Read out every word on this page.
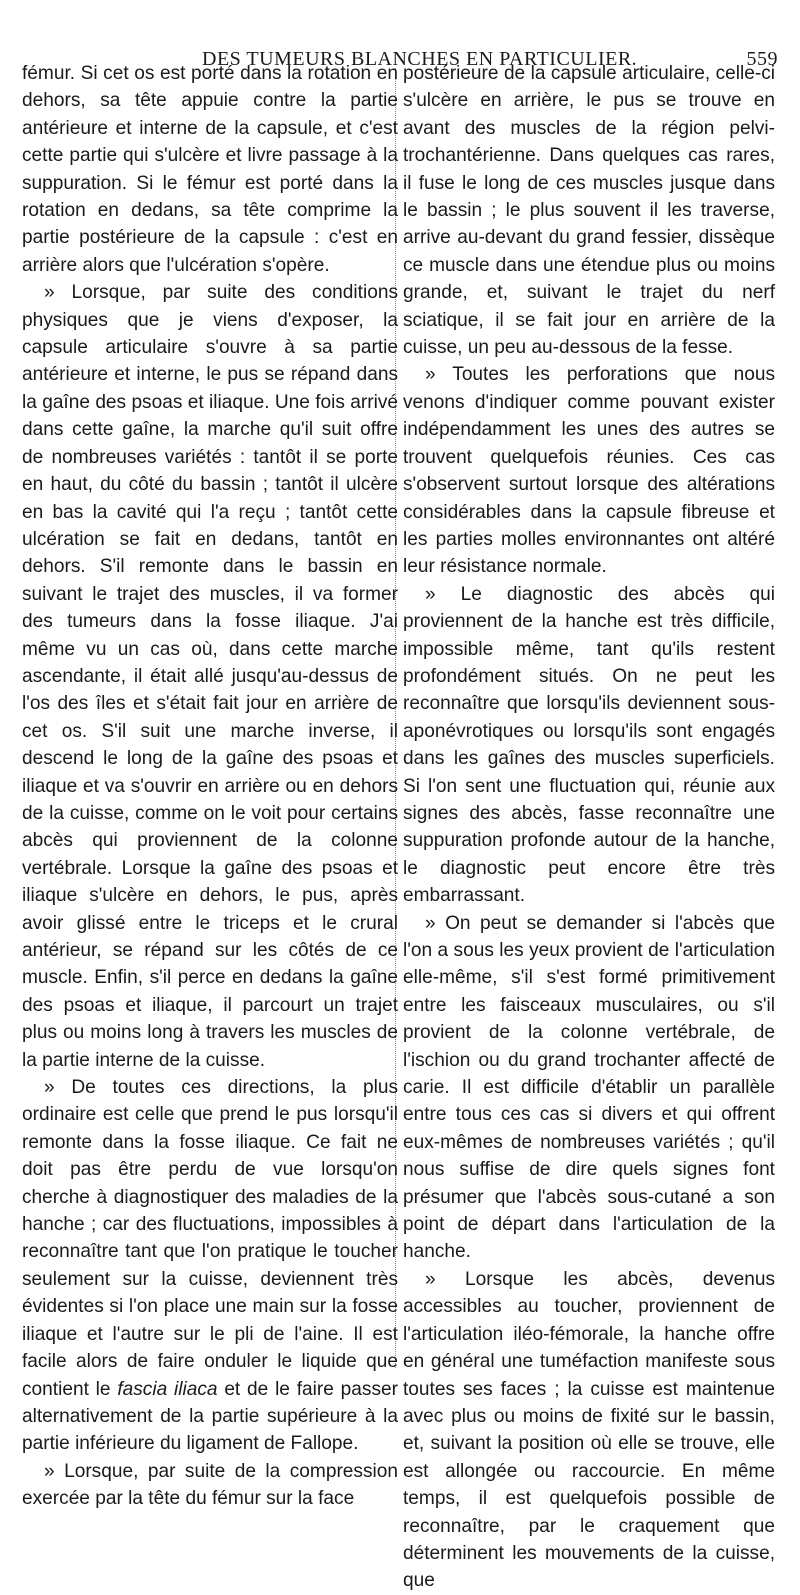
DES TUMEURS BLANCHES EN PARTICULIER.	559

fémur. Si cet os est porté dans la rotation en dehors, sa tête appuie contre la partie antérieure et interne de la capsule, et c'est cette partie qui s'ulcère et livre passage à la suppuration. Si le fémur est porté dans la rotation en dedans, sa tête comprime la partie postérieure de la capsule : c'est en arrière alors que l'ulcération s'opère.

» Lorsque, par suite des conditions physiques que je viens d'exposer, la capsule articulaire s'ouvre à sa partie antérieure et interne, le pus se répand dans la gaîne des psoas et iliaque. Une fois arrivé dans cette gaîne, la marche qu'il suit offre de nombreuses variétés : tantôt il se porte en haut, du côté du bassin ; tantôt il ulcère en bas la cavité qui l'a reçu ; tantôt cette ulcération se fait en dedans, tantôt en dehors. S'il remonte dans le bassin en suivant le trajet des muscles, il va former des tumeurs dans la fosse iliaque. J'ai même vu un cas où, dans cette marche ascendante, il était allé jusqu'au-dessus de l'os des îles et s'était fait jour en arrière de cet os. S'il suit une marche inverse, il descend le long de la gaîne des psoas et iliaque et va s'ouvrir en arrière ou en dehors de la cuisse, comme on le voit pour certains abcès qui proviennent de la colonne vertébrale. Lorsque la gaîne des psoas et iliaque s'ulcère en dehors, le pus, après avoir glissé entre le triceps et le crural antérieur, se répand sur les côtés de ce muscle. Enfin, s'il perce en dedans la gaîne des psoas et iliaque, il parcourt un trajet plus ou moins long à travers les muscles de la partie interne de la cuisse.

» De toutes ces directions, la plus ordinaire est celle que prend le pus lorsqu'il remonte dans la fosse iliaque. Ce fait ne doit pas être perdu de vue lorsqu'on cherche à diagnostiquer des maladies de la hanche ; car des fluctuations, impossibles à reconnaître tant que l'on pratique le toucher seulement sur la cuisse, deviennent très évidentes si l'on place une main sur la fosse iliaque et l'autre sur le pli de l'aine. Il est facile alors de faire onduler le liquide que contient le fascia iliaca et de le faire passer alternativement de la partie supérieure à la partie inférieure du ligament de Fallope.

» Lorsque, par suite de la compression exercée par la tête du fémur sur la face

postérieure de la capsule articulaire, celle-ci s'ulcère en arrière, le pus se trouve en avant des muscles de la région pelvi-trochantérienne. Dans quelques cas rares, il fuse le long de ces muscles jusque dans le bassin ; le plus souvent il les traverse, arrive au-devant du grand fessier, dissèque ce muscle dans une étendue plus ou moins grande, et, suivant le trajet du nerf sciatique, il se fait jour en arrière de la cuisse, un peu au-dessous de la fesse.

» Toutes les perforations que nous venons d'indiquer comme pouvant exister indépendamment les unes des autres se trouvent quelquefois réunies. Ces cas s'observent surtout lorsque des altérations considérables dans la capsule fibreuse et les parties molles environnantes ont altéré leur résistance normale.

» Le diagnostic des abcès qui proviennent de la hanche est très difficile, impossible même, tant qu'ils restent profondément situés. On ne peut les reconnaître que lorsqu'ils deviennent sous-aponévrotiques ou lorsqu'ils sont engagés dans les gaînes des muscles superficiels. Si l'on sent une fluctuation qui, réunie aux signes des abcès, fasse reconnaître une suppuration profonde autour de la hanche, le diagnostic peut encore être très embarrassant.

» On peut se demander si l'abcès que l'on a sous les yeux provient de l'articulation elle-même, s'il s'est formé primitivement entre les faisceaux musculaires, ou s'il provient de la colonne vertébrale, de l'ischion ou du grand trochanter affecté de carie. Il est difficile d'établir un parallèle entre tous ces cas si divers et qui offrent eux-mêmes de nombreuses variétés ; qu'il nous suffise de dire quels signes font présumer que l'abcès sous-cutané a son point de départ dans l'articulation de la hanche.

» Lorsque les abcès, devenus accessibles au toucher, proviennent de l'articulation iléo-fémorale, la hanche offre en général une tuméfaction manifeste sous toutes ses faces ; la cuisse est maintenue avec plus ou moins de fixité sur le bassin, et, suivant la position où elle se trouve, elle est allongée ou raccourcie. En même temps, il est quelquefois possible de reconnaître, par le craquement que déterminent les mouvements de la cuisse, que
